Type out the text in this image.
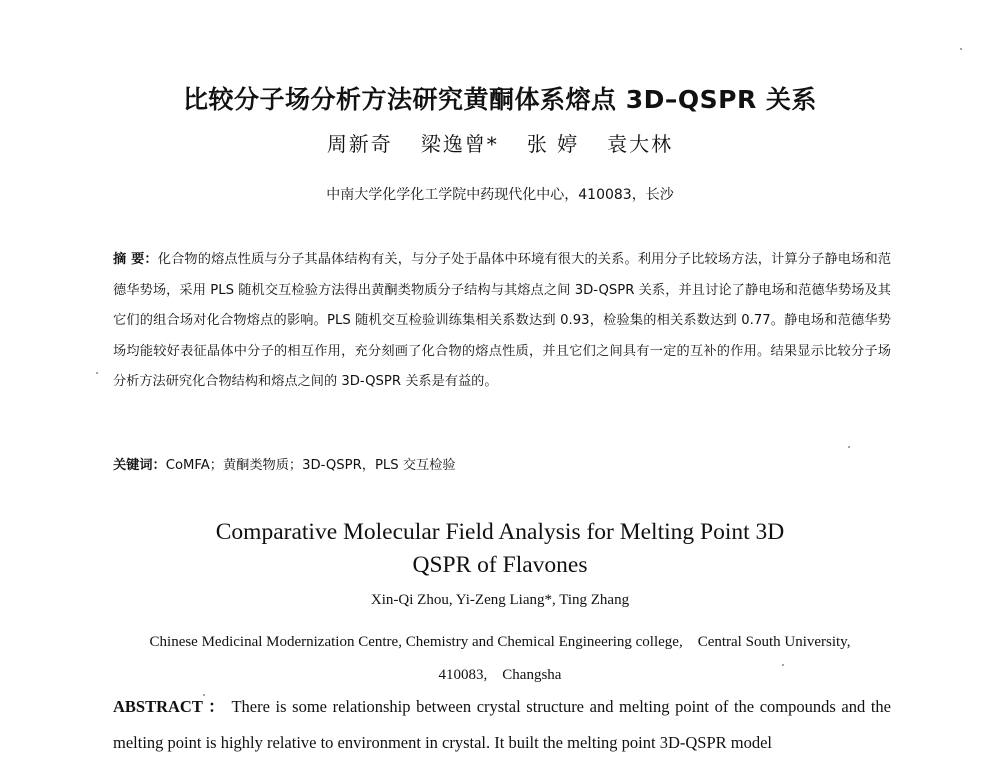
比较分子场分析方法研究黄酮体系熔点 3D–QSPR 关系
周新奇 梁逸曾* 张 婷 袁大林
中南大学化学化工学院中药现代化中心，410083，长沙
摘 要：化合物的熔点性质与分子其晶体结构有关，与分子处于晶体中环境有很大的关系。利用分子比较场方法，计算分子静电场和范德华势场，采用 PLS 随机交互检验方法得出黄酮类物质分子结构与其熔点之间 3D-QSPR 关系，并且讨论了静电场和范德华势场及其它们的组合场对化合物熔点的影响。PLS 随机交互检验训练集相关系数达到 0.93，检验集的相关系数达到 0.77。静电场和范德华势场均能较好表征晶体中分子的相互作用，充分刻画了化合物的熔点性质，并且它们之间具有一定的互补的作用。结果显示比较分子场分析方法研究化合物结构和熔点之间的 3D-QSPR 关系是有益的。
关键词：CoMFA；黄酮类物质；3D-QSPR，PLS 交互检验
Comparative Molecular Field Analysis for Melting Point 3D
QSPR of Flavones
Xin-Qi Zhou, Yi-Zeng Liang*, Ting Zhang
Chinese Medicinal Modernization Centre, Chemistry and Chemical Engineering college,    Central South University,
410083,    Changsha
ABSTRACT ： There is some relationship between crystal structure and melting point of the compounds and the melting point is highly relative to environment in crystal. It built the melting point 3D-QSPR model
